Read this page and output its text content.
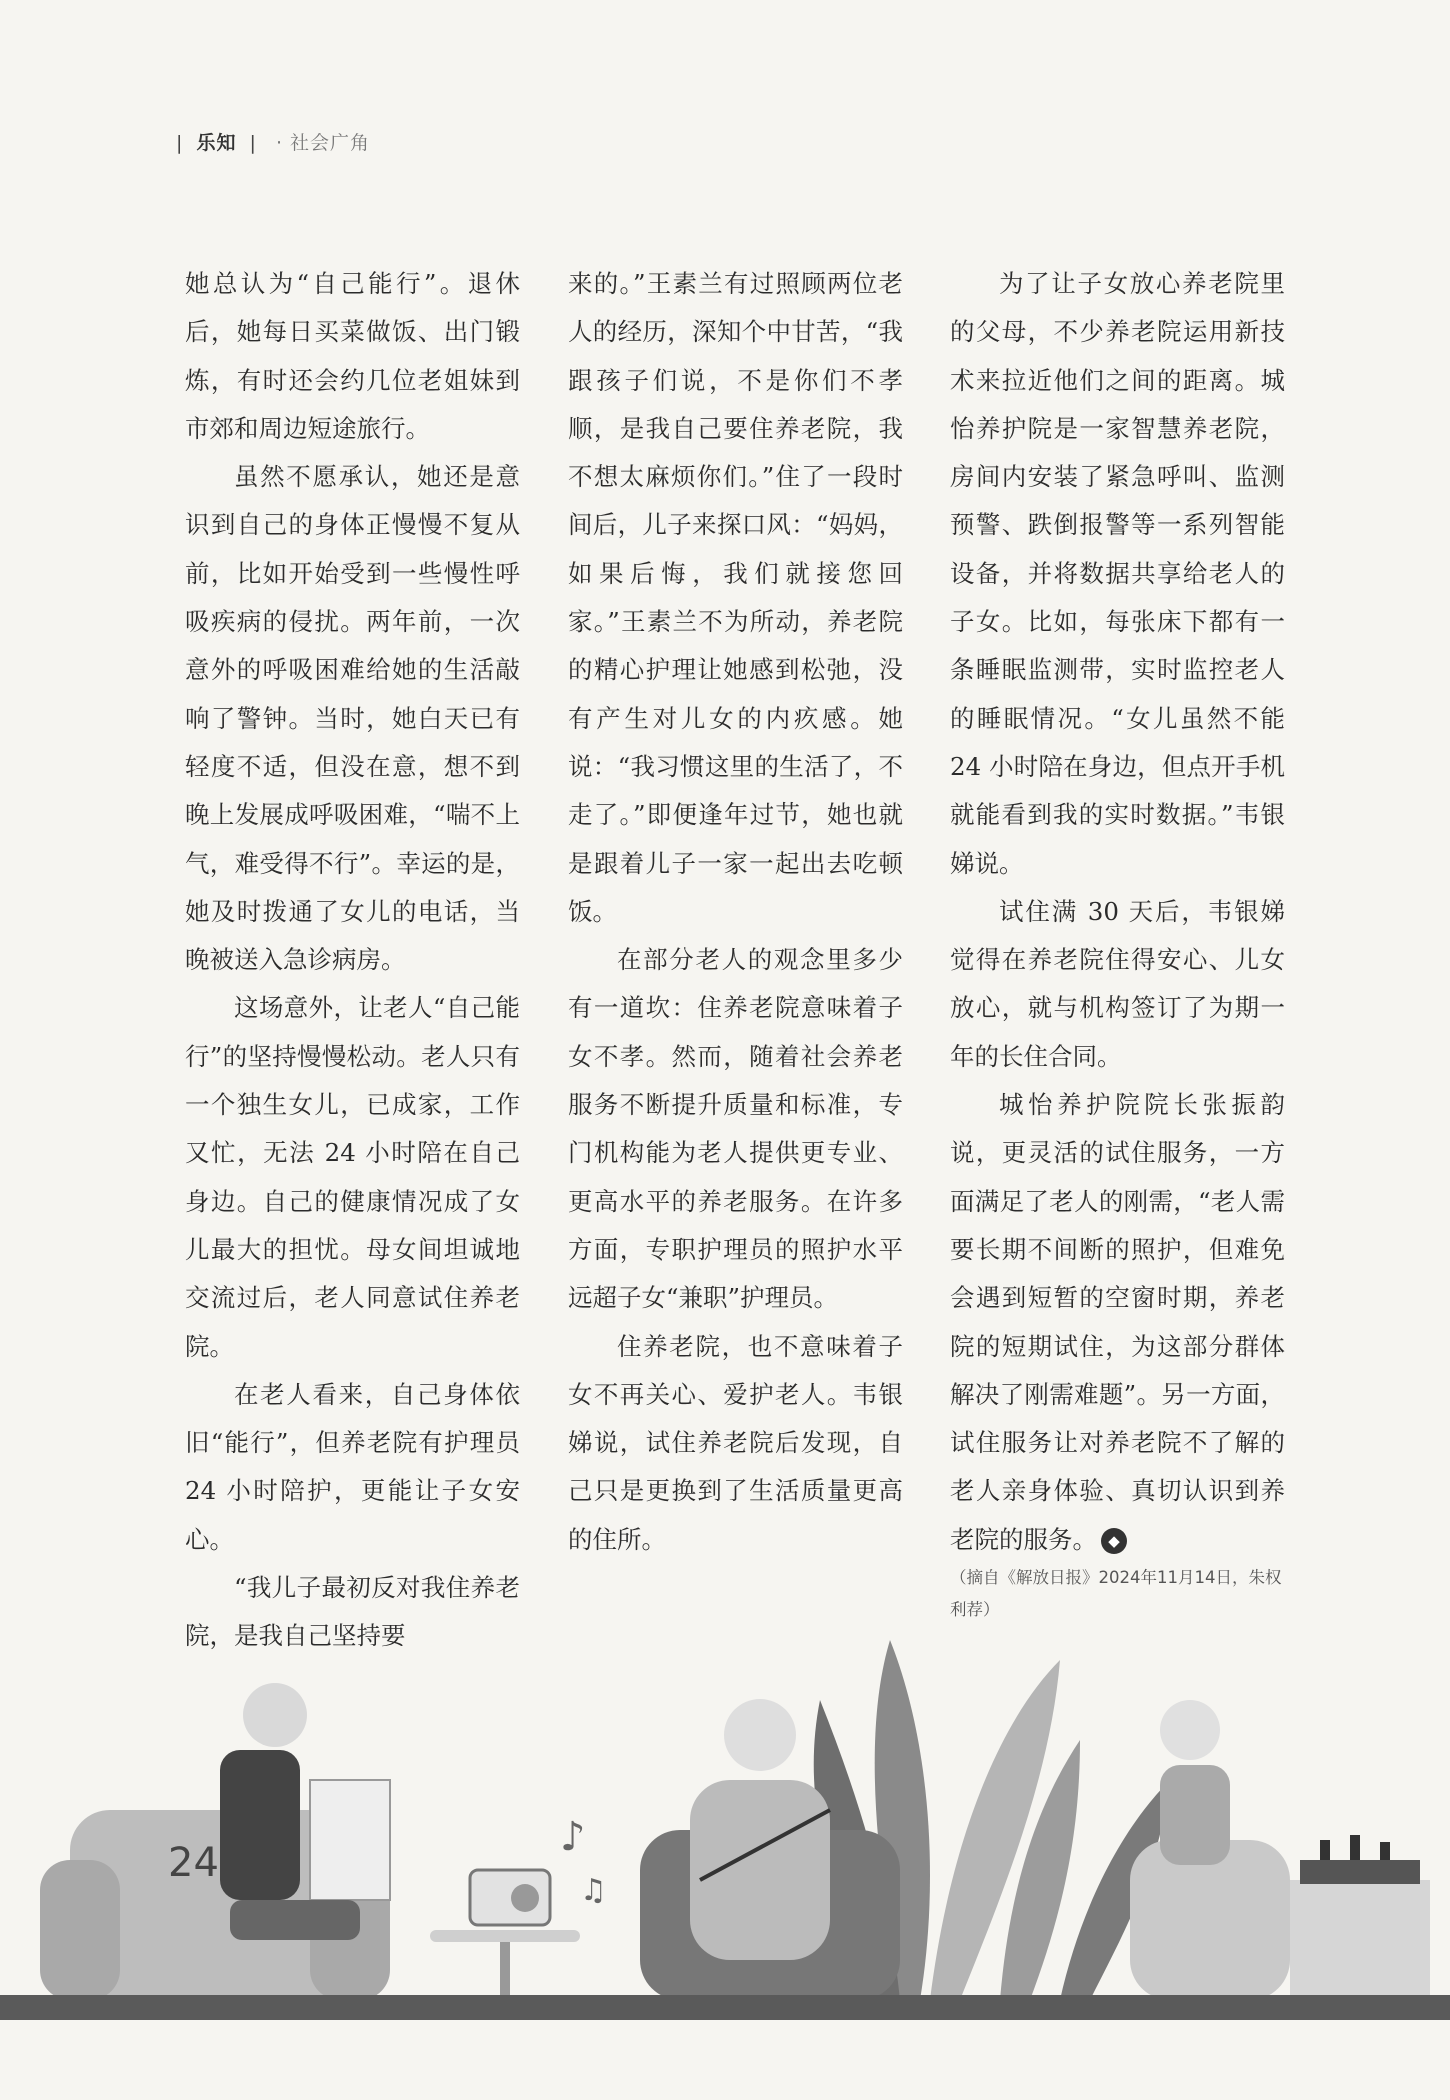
| 乐知 | · 社会广角

她总认为“自己能行”。退休后，她每日买菜做饭、出门锻炼，有时还会约几位老姐妹到市郊和周边短途旅行。

虽然不愿承认，她还是意识到自己的身体正慢慢不复从前，比如开始受到一些慢性呼吸疾病的侵扰。两年前，一次意外的呼吸困难给她的生活敲响了警钟。当时，她白天已有轻度不适，但没在意，想不到晚上发展成呼吸困难，“喘不上气，难受得不行”。幸运的是，她及时拨通了女儿的电话，当晚被送入急诊病房。

这场意外，让老人“自己能行”的坚持慢慢松动。老人只有一个独生女儿，已成家，工作又忙，无法 24 小时陪在自己身边。自己的健康情况成了女儿最大的担忧。母女间坦诚地交流过后，老人同意试住养老院。

在老人看来，自己身体依旧“能行”，但养老院有护理员 24 小时陪护，更能让子女安心。

“我儿子最初反对我住养老院，是我自己坚持要

来的。”王素兰有过照顾两位老人的经历，深知个中甘苦，“我跟孩子们说，不是你们不孝顺，是我自己要住养老院，我不想太麻烦你们。”住了一段时间后，儿子来探口风：“妈妈，如果后悔，我们就接您回家。”王素兰不为所动，养老院的精心护理让她感到松弛，没有产生对儿女的内疚感。她说：“我习惯这里的生活了，不走了。”即便逢年过节，她也就是跟着儿子一家一起出去吃顿饭。

在部分老人的观念里多少有一道坎：住养老院意味着子女不孝。然而，随着社会养老服务不断提升质量和标准，专门机构能为老人提供更专业、更高水平的养老服务。在许多方面，专职护理员的照护水平远超子女“兼职”护理员。

住养老院，也不意味着子女不再关心、爱护老人。韦银娣说，试住养老院后发现，自己只是更换到了生活质量更高的住所。

为了让子女放心养老院里的父母，不少养老院运用新技术来拉近他们之间的距离。城怡养护院是一家智慧养老院，房间内安装了紧急呼叫、监测预警、跌倒报警等一系列智能设备，并将数据共享给老人的子女。比如，每张床下都有一条睡眠监测带，实时监控老人的睡眠情况。“女儿虽然不能 24 小时陪在身边，但点开手机就能看到我的实时数据。”韦银娣说。

试住满 30 天后，韦银娣觉得在养老院住得安心、儿女放心，就与机构签订了为期一年的长住合同。

城怡养护院院长张振韵说，更灵活的试住服务，一方面满足了老人的刚需，“老人需要长期不间断的照护，但难免会遇到短暂的空窗时期，养老院的短期试住，为这部分群体解决了刚需难题”。另一方面，试住服务让对养老院不了解的老人亲身体验、真切认识到养老院的服务。 ◆

（摘自《解放日报》2024年11月14日，朱权利荐）
♪
♫
24
